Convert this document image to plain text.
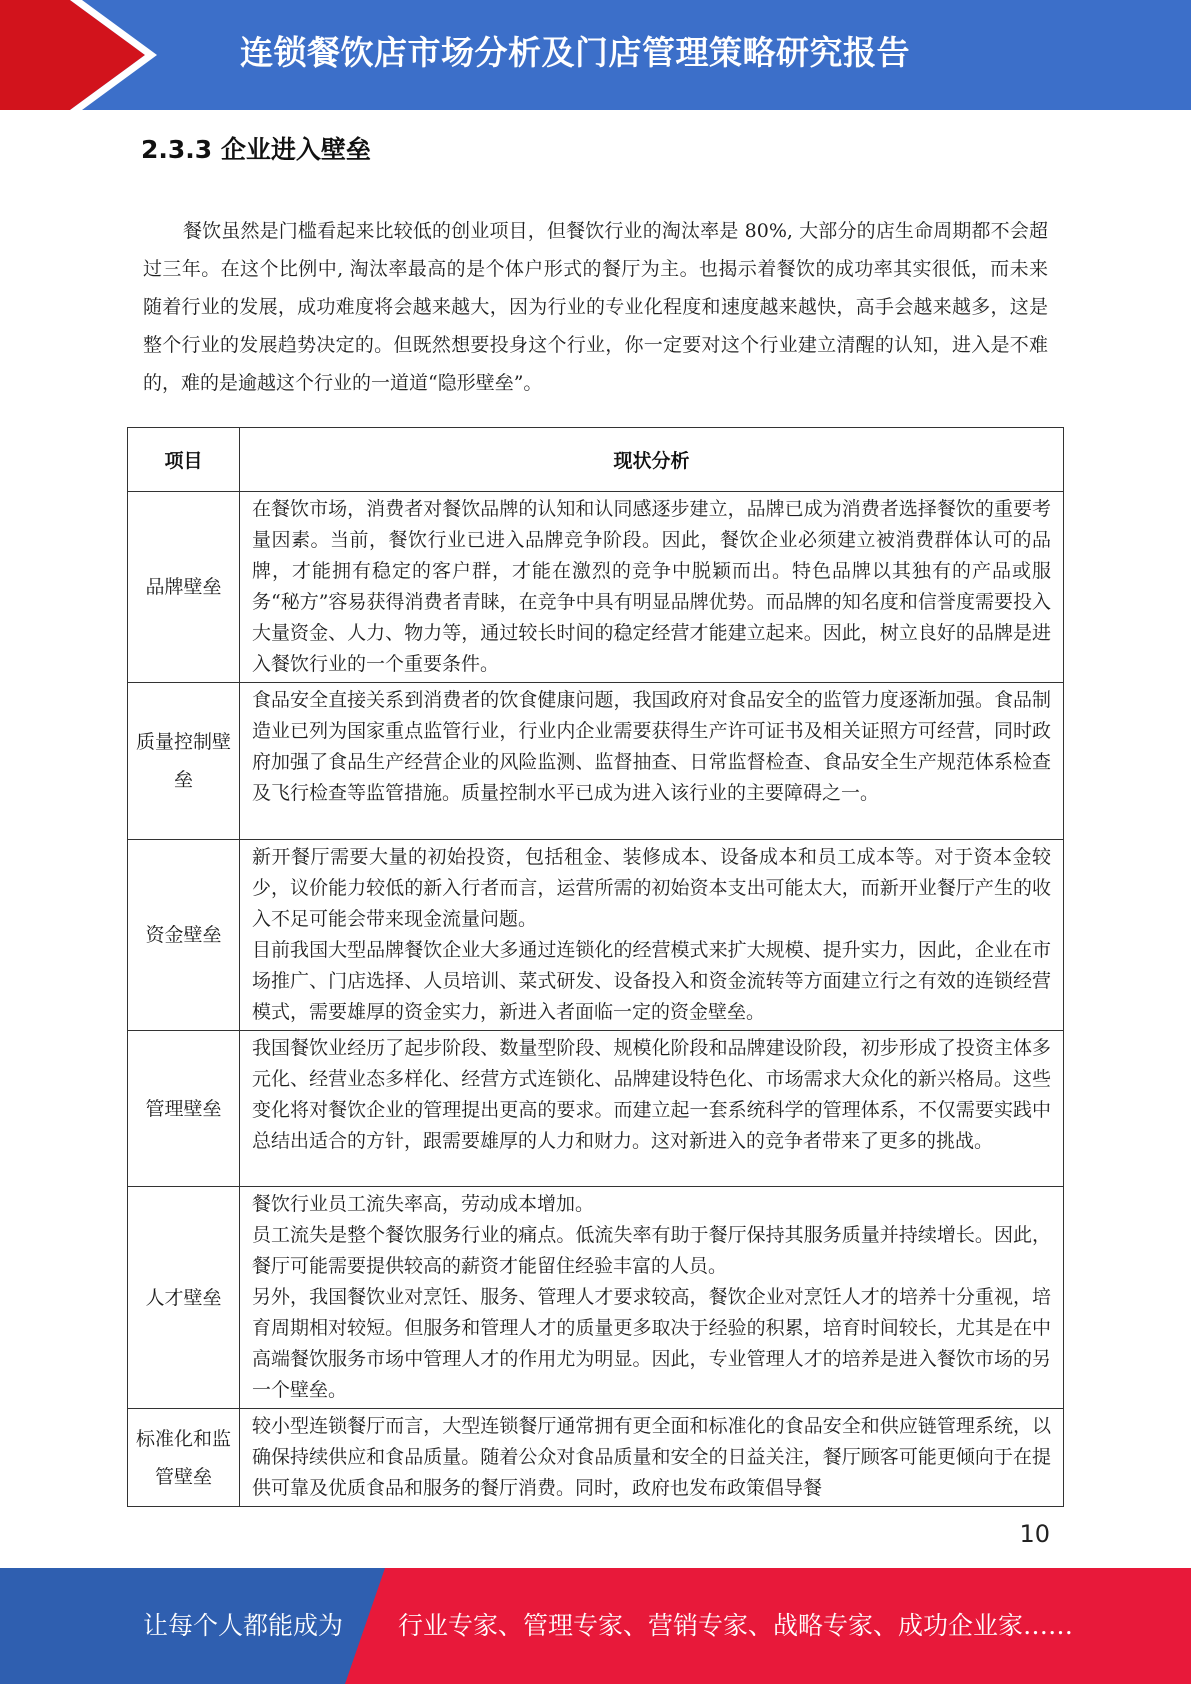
连锁餐饮店市场分析及门店管理策略研究报告
2.3.3 企业进入壁垒

餐饮虽然是门槛看起来比较低的创业项目，但餐饮行业的淘汰率是 80%, 大部分的店生命周期都不会超过三年。在这个比例中, 淘汰率最高的是个体户形式的餐厅为主。也揭示着餐饮的成功率其实很低，而未来随着行业的发展，成功难度将会越来越大，因为行业的专业化程度和速度越来越快，高手会越来越多，这是整个行业的发展趋势决定的。但既然想要投身这个行业，你一定要对这个行业建立清醒的认知，进入是不难的，难的是逾越这个行业的一道道“隐形壁垒”。

项目	现状分析
品牌壁垒	在餐饮市场，消费者对餐饮品牌的认知和认同感逐步建立，品牌已成为消费者选择餐饮的重要考量因素。当前，餐饮行业已进入品牌竞争阶段。因此，餐饮企业必须建立被消费群体认可的品牌，才能拥有稳定的客户群，才能在激烈的竞争中脱颖而出。特色品牌以其独有的产品或服务“秘方”容易获得消费者青睐，在竞争中具有明显品牌优势。而品牌的知名度和信誉度需要投入大量资金、人力、物力等，通过较长时间的稳定经营才能建立起来。因此，树立良好的品牌是进入餐饮行业的一个重要条件。

质量控制壁垒	食品安全直接关系到消费者的饮食健康问题，我国政府对食品安全的监管力度逐渐加强。食品制造业已列为国家重点监管行业，行业内企业需要获得生产许可证书及相关证照方可经营，同时政府加强了食品生产经营企业的风险监测、监督抽查、日常监督检查、食品安全生产规范体系检查及飞行检查等监管措施。质量控制水平已成为进入该行业的主要障碍之一。

资金壁垒	新开餐厅需要大量的初始投资，包括租金、装修成本、设备成本和员工成本等。对于资本金较少，议价能力较低的新入行者而言，运营所需的初始资本支出可能太大，而新开业餐厅产生的收入不足可能会带来现金流量问题。

目前我国大型品牌餐饮企业大多通过连锁化的经营模式来扩大规模、提升实力，因此，企业在市场推广、门店选择、人员培训、菜式研发、设备投入和资金流转等方面建立行之有效的连锁经营模式，需要雄厚的资金实力，新进入者面临一定的资金壁垒。

管理壁垒	我国餐饮业经历了起步阶段、数量型阶段、规模化阶段和品牌建设阶段，初步形成了投资主体多元化、经营业态多样化、经营方式连锁化、品牌建设特色化、市场需求大众化的新兴格局。这些变化将对餐饮企业的管理提出更高的要求。而建立起一套系统科学的管理体系，不仅需要实践中总结出适合的方针，跟需要雄厚的人力和财力。这对新进入的竞争者带来了更多的挑战。

人才壁垒	餐饮行业员工流失率高，劳动成本增加。

员工流失是整个餐饮服务行业的痛点。低流失率有助于餐厅保持其服务质量并持续增长。因此，餐厅可能需要提供较高的薪资才能留住经验丰富的人员。

另外，我国餐饮业对烹饪、服务、管理人才要求较高，餐饮企业对烹饪人才的培养十分重视，培育周期相对较短。但服务和管理人才的质量更多取决于经验的积累，培育时间较长，尤其是在中高端餐饮服务市场中管理人才的作用尤为明显。因此，专业管理人才的培养是进入餐饮市场的另一个壁垒。

标准化和监管壁垒	较小型连锁餐厅而言，大型连锁餐厅通常拥有更全面和标准化的食品安全和供应链管理系统，以确保持续供应和食品质量。随着公众对食品质量和安全的日益关注，餐厅顾客可能更倾向于在提供可靠及优质食品和服务的餐厅消费。同时，政府也发布政策倡导餐

10
让每个人都能成为 行业专家、管理专家、营销专家、战略专家、成功企业家……
